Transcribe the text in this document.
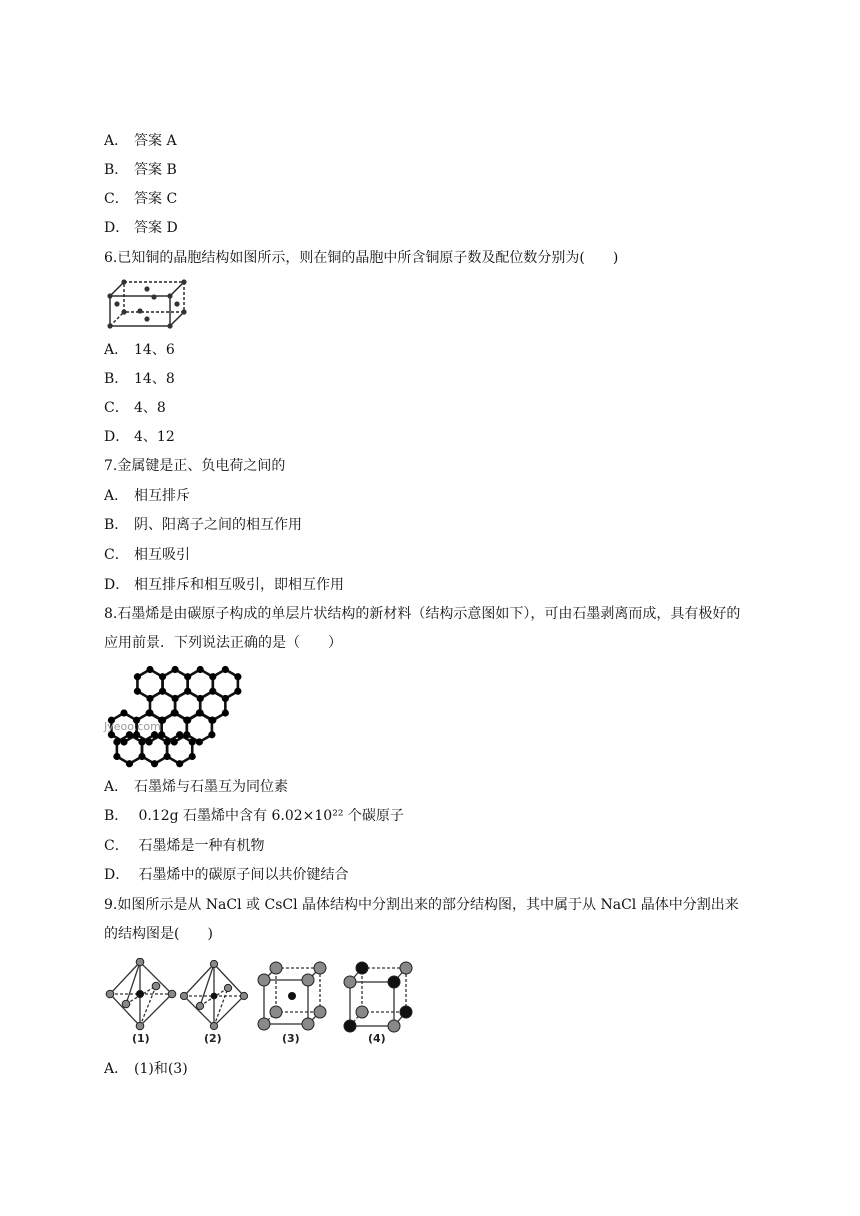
A． 答案 A
B． 答案 B
C． 答案 C
D． 答案 D
6.已知铜的晶胞结构如图所示，则在铜的晶胞中所含铜原子数及配位数分别为(　　)
A． 14、6
B． 14、8
C． 4、8
D． 4、12
7.金属键是正、负电荷之间的
A． 相互排斥
B． 阴、阳离子之间的相互作用
C． 相互吸引
D． 相互排斥和相互吸引，即相互作用
8.石墨烯是由碳原子构成的单层片状结构的新材料（结构示意图如下），可由石墨剥离而成，具有极好的应用前景．下列说法正确的是（　　）
Jyeoo.com
A． 石墨烯与石墨互为同位素
B． 0.12g 石墨烯中含有 6.02×10²² 个碳原子
C． 石墨烯是一种有机物
D． 石墨烯中的碳原子间以共价键结合
9.如图所示是从 NaCl 或 CsCl 晶体结构中分割出来的部分结构图，其中属于从 NaCl 晶体中分割出来的结构图是(　　)
(1)	(2)	(3)	(4)
A． (1)和(3)
